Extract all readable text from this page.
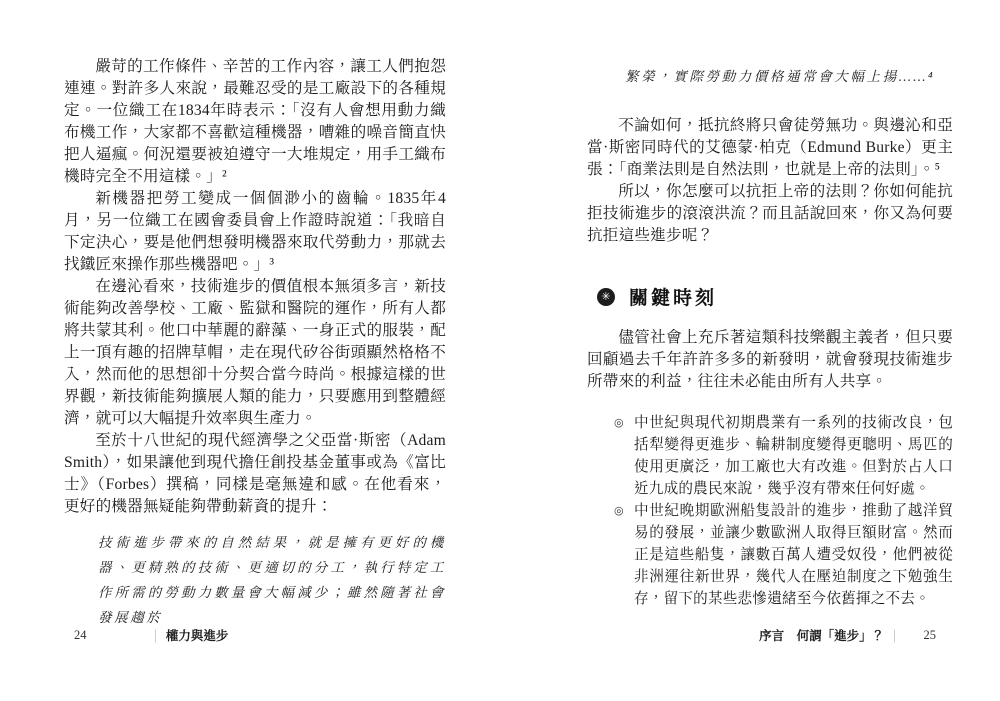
嚴苛的工作條件、辛苦的工作內容，讓工人們抱怨連連。對許多人來說，最難忍受的是工廠設下的各種規定。一位織工在1834年時表示：「沒有人會想用動力織布機工作，大家都不喜歡這種機器，嘈雜的噪音簡直快把人逼瘋。何況還要被迫遵守一大堆規定，用手工織布機時完全不用這樣。」²

新機器把勞工變成一個個渺小的齒輪。1835年4月，另一位織工在國會委員會上作證時說道：「我暗自下定決心，要是他們想發明機器來取代勞動力，那就去找鐵匠來操作那些機器吧。」³

在邊沁看來，技術進步的價值根本無須多言，新技術能夠改善學校、工廠、監獄和醫院的運作，所有人都將共蒙其利。他口中華麗的辭藻、一身正式的服裝，配上一頂有趣的招牌草帽，走在現代矽谷街頭顯然格格不入，然而他的思想卻十分契合當今時尚。根據這樣的世界觀，新技術能夠擴展人類的能力，只要應用到整體經濟，就可以大幅提升效率與生產力。

至於十八世紀的現代經濟學之父亞當·斯密（Adam Smith），如果讓他到現代擔任創投基金董事或為《富比士》（Forbes）撰稿，同樣是毫無違和感。在他看來，更好的機器無疑能夠帶動薪資的提升：

技術進步帶來的自然結果，就是擁有更好的機器、更精熟的技術、更適切的分工，執行特定工作所需的勞動力數量會大幅減少；雖然隨著社會發展趨於
繁榮，實際勞動力價格通常會大幅上揚……⁴

不論如何，抵抗終將只會徒勞無功。與邊沁和亞當·斯密同時代的艾德蒙·柏克（Edmund Burke）更主張：「商業法則是自然法則，也就是上帝的法則」。⁵

所以，你怎麼可以抗拒上帝的法則？你如何能抗拒技術進步的滾滾洪流？而且話說回來，你又為何要抗拒這些進步呢？

✳ 關鍵時刻

儘管社會上充斥著這類科技樂觀主義者，但只要回顧過去千年許許多多的新發明，就會發現技術進步所帶來的利益，往往未必能由所有人共享。

◎ 中世紀與現代初期農業有一系列的技術改良，包括犁變得更進步、輪耕制度變得更聰明、馬匹的使用更廣泛，加工廠也大有改進。但對於占人口近九成的農民來說，幾乎沒有帶來任何好處。
◎ 中世紀晚期歐洲船隻設計的進步，推動了越洋貿易的發展，並讓少數歐洲人取得巨額財富。然而正是這些船隻，讓數百萬人遭受奴役，他們被從非洲運往新世界，幾代人在壓迫制度之下勉強生存，留下的某些悲慘遺緒至今依舊揮之不去。
24	| 權力與進步	序言　何謂「進步」？ | 25
